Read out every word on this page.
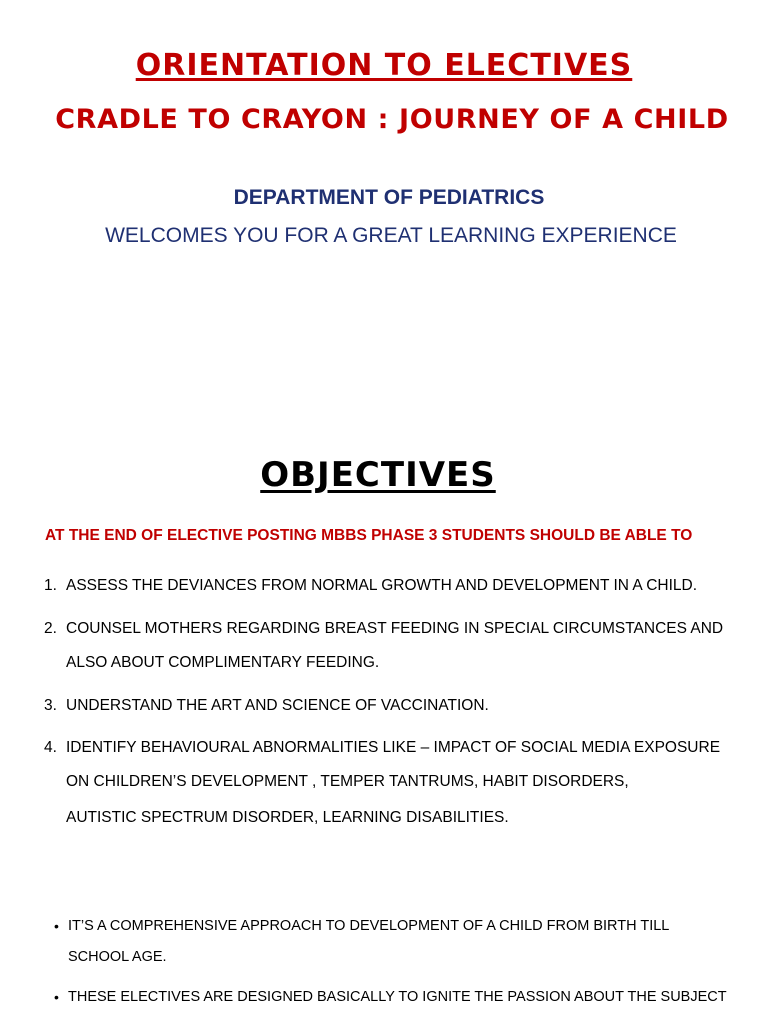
ORIENTATION TO ELECTIVES
CRADLE TO CRAYON : JOURNEY OF A CHILD
DEPARTMENT OF PEDIATRICS
WELCOMES YOU FOR A GREAT LEARNING EXPERIENCE
OBJECTIVES
AT THE END OF ELECTIVE POSTING MBBS PHASE 3 STUDENTS SHOULD BE ABLE TO
1. ASSESS THE DEVIANCES FROM NORMAL GROWTH AND DEVELOPMENT IN A CHILD.
2. COUNSEL MOTHERS REGARDING BREAST FEEDING IN SPECIAL CIRCUMSTANCES AND
ALSO ABOUT COMPLIMENTARY FEEDING.
3. UNDERSTAND THE ART AND SCIENCE OF VACCINATION.
4. IDENTIFY BEHAVIOURAL ABNORMALITIES LIKE – IMPACT OF SOCIAL MEDIA EXPOSURE
ON CHILDREN’S DEVELOPMENT , TEMPER TANTRUMS, HABIT DISORDERS,
AUTISTIC SPECTRUM DISORDER, LEARNING DISABILITIES.
• IT’S A COMPREHENSIVE APPROACH TO DEVELOPMENT OF A CHILD FROM BIRTH TILL
SCHOOL AGE.
• THESE ELECTIVES ARE DESIGNED BASICALLY TO IGNITE THE PASSION ABOUT THE SUBJECT
